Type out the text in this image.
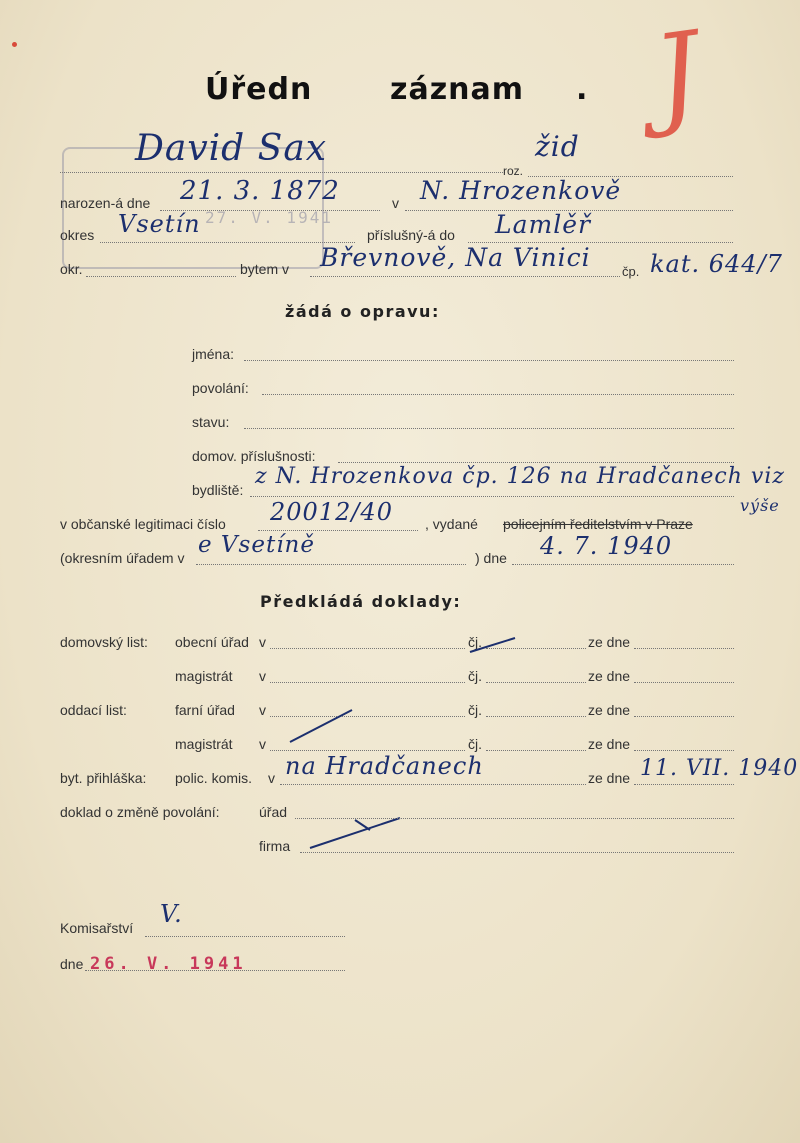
Úředn	záznam . J
27. V. 1941
David Sax
roz.
žid
narozen-á dne 21. 3. 1872	v N. Hrozenkově
okres Vsetín	příslušný-á do Lamlěř
okr.	bytem v Břevnově, Na Vinici čp. kat. 644/7
žádá o opravu:
jména:
povolání:
stavu:
domov. příslušnosti:
bydliště:
z N. Hrozenkova čp. 126 na Hradčanech viz
výše
v občanské legitimaci číslo 20012/40 , vydané policejním ředitelstvím v Praze
(okresním úřadem v e Vsetíně	) dne 4. 7. 1940
Předkládá doklady:
domovský list: obecní úřad v	čj.	ze dne
magistrát v	čj.	ze dne
oddací list:	farní úřad v	čj.	ze dne
magistrát v	čj.	ze dne
byt. přihláška: polic. komis. v na Hradčanech	ze dne 11. VII. 1940
doklad o změně povolání:	úřad
firma
Komisařství V.
dne 26. V. 1941
